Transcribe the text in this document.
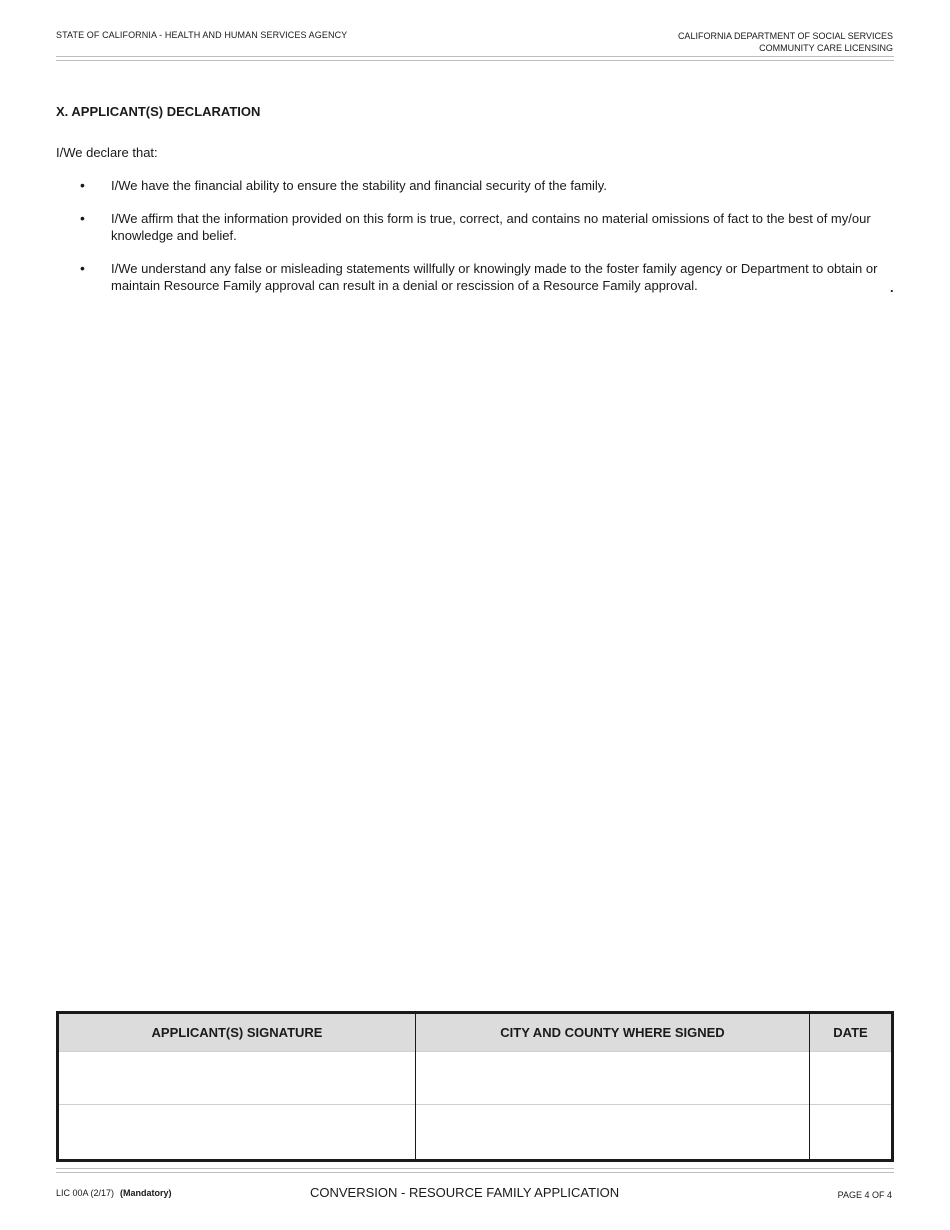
STATE OF CALIFORNIA - HEALTH AND HUMAN SERVICES AGENCY	CALIFORNIA DEPARTMENT OF SOCIAL SERVICES
COMMUNITY CARE LICENSING
X. APPLICANT(S) DECLARATION
I/We declare that:
• I/We have the financial ability to ensure the stability and financial security of the family.
• I/We affirm that the information provided on this form is true, correct, and contains no material omissions of fact to the best of my/our knowledge and belief.
• I/We understand any false or misleading statements willfully or knowingly made to the foster family agency or Department to obtain or maintain Resource Family approval can result in a denial or rescission of a Resource Family approval.	.
APPLICANT(S) SIGNATURE	CITY AND COUNTY WHERE SIGNED	DATE

LIC 00A (2/17) (Mandatory)	CONVERSION - RESOURCE FAMILY APPLICATION	PAGE 4 OF 4
